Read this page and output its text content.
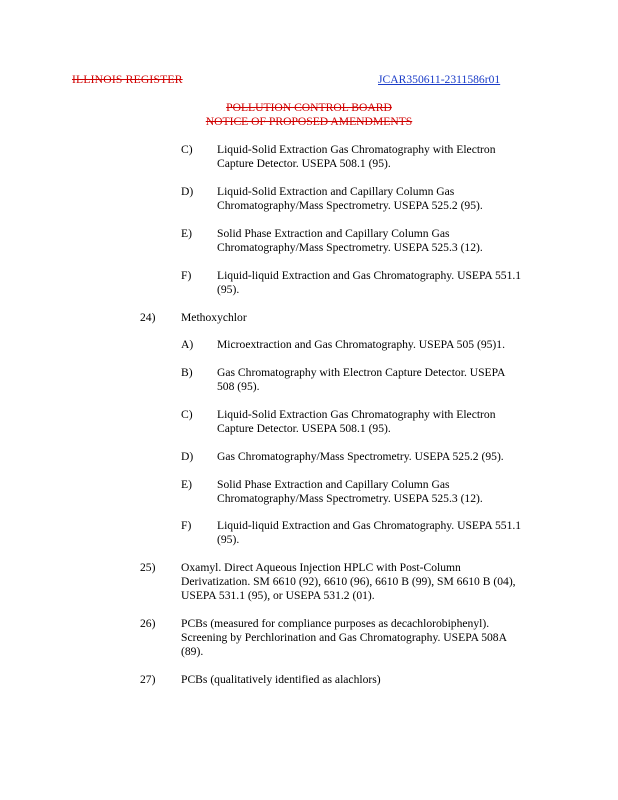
ILLINOIS REGISTER	JCAR350611-2311586r01
POLLUTION CONTROL BOARD
NOTICE OF PROPOSED AMENDMENTS
C) Liquid-Solid Extraction Gas Chromatography with Electron
Capture Detector. USEPA 508.1 (95).
D) Liquid-Solid Extraction and Capillary Column Gas
Chromatography/Mass Spectrometry. USEPA 525.2 (95).
E) Solid Phase Extraction and Capillary Column Gas
Chromatography/Mass Spectrometry. USEPA 525.3 (12).
F) Liquid-liquid Extraction and Gas Chromatography. USEPA 551.1
(95).
24) Methoxychlor
A) Microextraction and Gas Chromatography. USEPA 505 (95)1.
B) Gas Chromatography with Electron Capture Detector. USEPA
508 (95).
C) Liquid-Solid Extraction Gas Chromatography with Electron
Capture Detector. USEPA 508.1 (95).
D) Gas Chromatography/Mass Spectrometry. USEPA 525.2 (95).
E) Solid Phase Extraction and Capillary Column Gas
Chromatography/Mass Spectrometry. USEPA 525.3 (12).
F) Liquid-liquid Extraction and Gas Chromatography. USEPA 551.1
(95).
25) Oxamyl. Direct Aqueous Injection HPLC with Post-Column
Derivatization. SM 6610 (92), 6610 (96), 6610 B (99), SM 6610 B (04),
USEPA 531.1 (95), or USEPA 531.2 (01).
26) PCBs (measured for compliance purposes as decachlorobiphenyl).
Screening by Perchlorination and Gas Chromatography. USEPA 508A
(89).
27) PCBs (qualitatively identified as alachlors)
